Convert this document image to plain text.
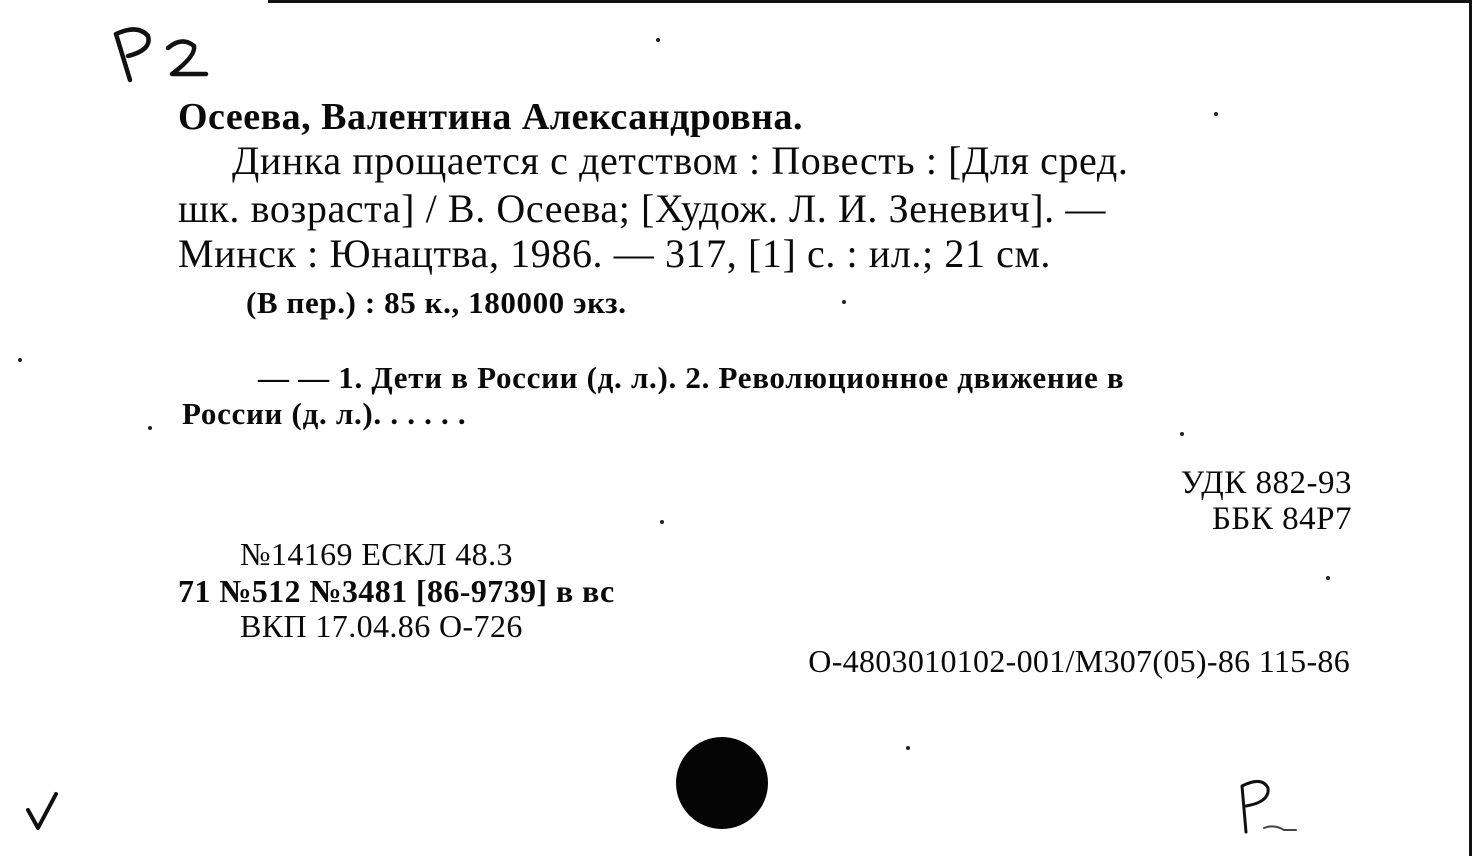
Осеева, Валентина Александровна.
Динка прощается с детством : Повесть : [Для сред.
шк. возраста] / В. Осеева; [Худож. Л. И. Зеневич]. —
Минск : Юнацтва, 1986. — 317, [1] с. : ил.; 21 см.
(В пер.) : 85 к., 180000 экз.
— — 1. Дети в России (д. л.). 2. Революционное движение в
России (д. л.). . . . . .
УДК 882-93
ББК 84Р7
№14169 ЕСКЛ 48.3
71 №512 №3481 [86-9739] в вс
ВКП 17.04.86 О-726
О-4803010102-001/М307(05)-86 115-86
